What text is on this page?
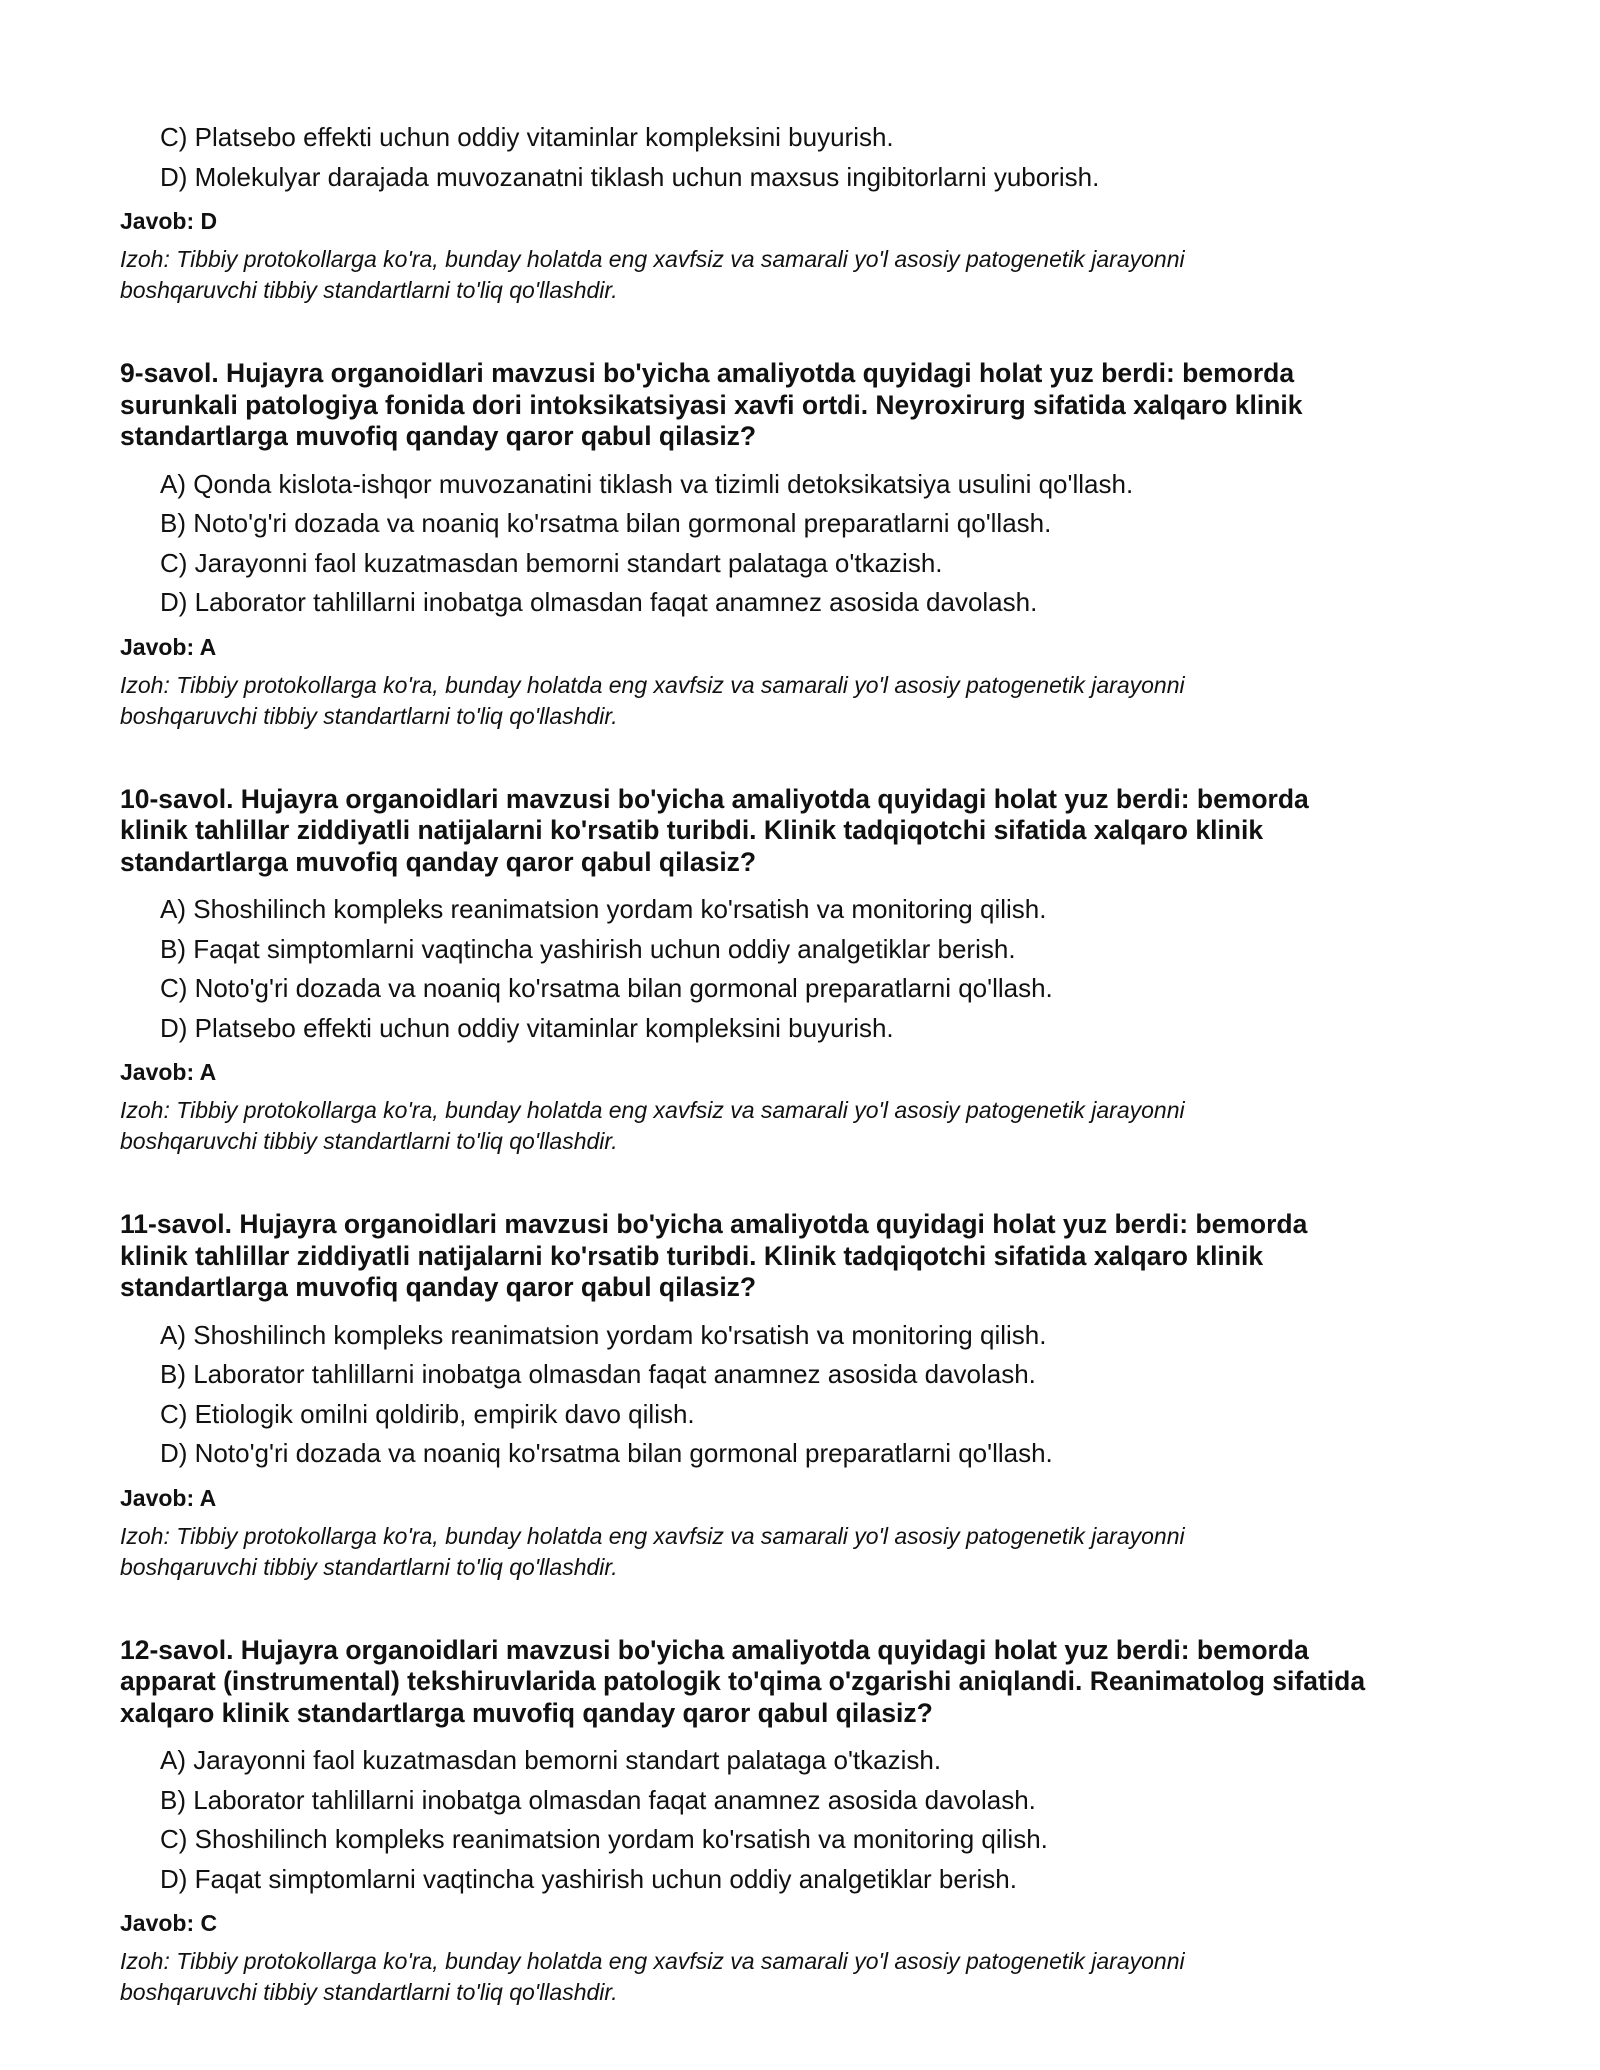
C) Platsebo effekti uchun oddiy vitaminlar kompleksini buyurish.
D) Molekulyar darajada muvozanatni tiklash uchun maxsus ingibitorlarni yuborish.
Javob: D
Izoh: Tibbiy protokollarga ko'ra, bunday holatda eng xavfsiz va samarali yo'l asosiy patogenetik jarayonni
boshqaruvchi tibbiy standartlarni to'liq qo'llashdir.
9-savol. Hujayra organoidlari mavzusi bo'yicha amaliyotda quyidagi holat yuz berdi: bemorda
surunkali patologiya fonida dori intoksikatsiyasi xavfi ortdi. Neyroxirurg sifatida xalqaro klinik
standartlarga muvofiq qanday qaror qabul qilasiz?
A) Qonda kislota-ishqor muvozanatini tiklash va tizimli detoksikatsiya usulini qo'llash.
B) Noto'g'ri dozada va noaniq ko'rsatma bilan gormonal preparatlarni qo'llash.
C) Jarayonni faol kuzatmasdan bemorni standart palataga o'tkazish.
D) Laborator tahlillarni inobatga olmasdan faqat anamnez asosida davolash.
Javob: A
Izoh: Tibbiy protokollarga ko'ra, bunday holatda eng xavfsiz va samarali yo'l asosiy patogenetik jarayonni
boshqaruvchi tibbiy standartlarni to'liq qo'llashdir.
10-savol. Hujayra organoidlari mavzusi bo'yicha amaliyotda quyidagi holat yuz berdi: bemorda
klinik tahlillar ziddiyatli natijalarni ko'rsatib turibdi. Klinik tadqiqotchi sifatida xalqaro klinik
standartlarga muvofiq qanday qaror qabul qilasiz?
A) Shoshilinch kompleks reanimatsion yordam ko'rsatish va monitoring qilish.
B) Faqat simptomlarni vaqtincha yashirish uchun oddiy analgetiklar berish.
C) Noto'g'ri dozada va noaniq ko'rsatma bilan gormonal preparatlarni qo'llash.
D) Platsebo effekti uchun oddiy vitaminlar kompleksini buyurish.
Javob: A
Izoh: Tibbiy protokollarga ko'ra, bunday holatda eng xavfsiz va samarali yo'l asosiy patogenetik jarayonni
boshqaruvchi tibbiy standartlarni to'liq qo'llashdir.
11-savol. Hujayra organoidlari mavzusi bo'yicha amaliyotda quyidagi holat yuz berdi: bemorda
klinik tahlillar ziddiyatli natijalarni ko'rsatib turibdi. Klinik tadqiqotchi sifatida xalqaro klinik
standartlarga muvofiq qanday qaror qabul qilasiz?
A) Shoshilinch kompleks reanimatsion yordam ko'rsatish va monitoring qilish.
B) Laborator tahlillarni inobatga olmasdan faqat anamnez asosida davolash.
C) Etiologik omilni qoldirib, empirik davo qilish.
D) Noto'g'ri dozada va noaniq ko'rsatma bilan gormonal preparatlarni qo'llash.
Javob: A
Izoh: Tibbiy protokollarga ko'ra, bunday holatda eng xavfsiz va samarali yo'l asosiy patogenetik jarayonni
boshqaruvchi tibbiy standartlarni to'liq qo'llashdir.
12-savol. Hujayra organoidlari mavzusi bo'yicha amaliyotda quyidagi holat yuz berdi: bemorda
apparat (instrumental) tekshiruvlarida patologik to'qima o'zgarishi aniqlandi. Reanimatolog sifatida
xalqaro klinik standartlarga muvofiq qanday qaror qabul qilasiz?
A) Jarayonni faol kuzatmasdan bemorni standart palataga o'tkazish.
B) Laborator tahlillarni inobatga olmasdan faqat anamnez asosida davolash.
C) Shoshilinch kompleks reanimatsion yordam ko'rsatish va monitoring qilish.
D) Faqat simptomlarni vaqtincha yashirish uchun oddiy analgetiklar berish.
Javob: C
Izoh: Tibbiy protokollarga ko'ra, bunday holatda eng xavfsiz va samarali yo'l asosiy patogenetik jarayonni
boshqaruvchi tibbiy standartlarni to'liq qo'llashdir.
